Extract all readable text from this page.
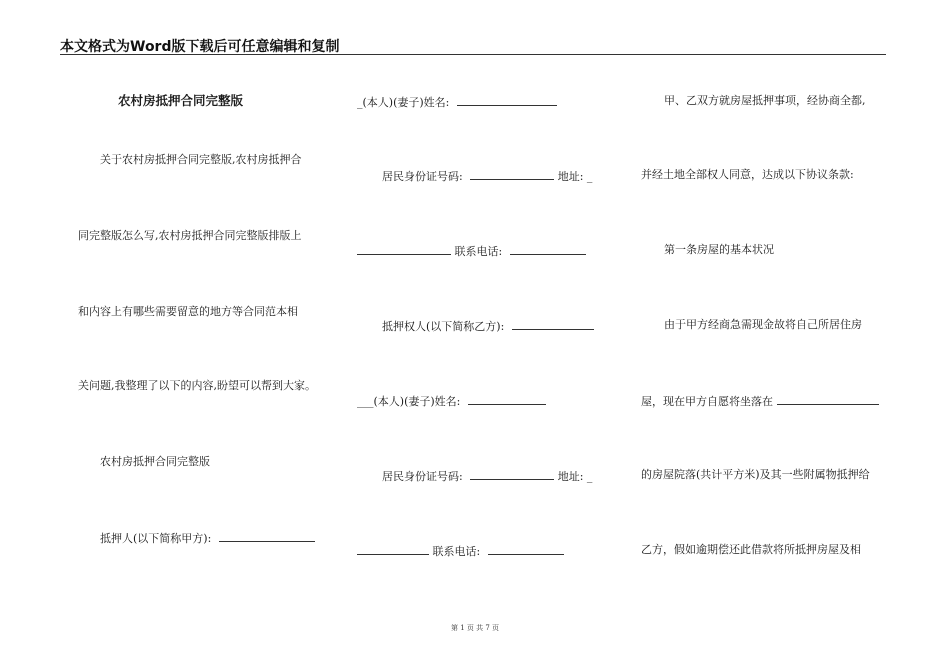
本文格式为Word版下载后可任意编辑和复制
农村房抵押合同完整版
关于农村房抵押合同完整版,农村房抵押合
同完整版怎么写,农村房抵押合同完整版排版上
和内容上有哪些需要留意的地方等合同范本相
关问题,我整理了以下的内容,盼望可以帮到大家。
农村房抵押合同完整版
抵押人(以下简称甲方):
_(本人)(妻子)姓名:
居民身份证号码:	地址: _
联系电话:
抵押权人(以下简称乙方):
___(本人)(妻子)姓名:
居民身份证号码:	地址: _
联系电话:
甲、乙双方就房屋抵押事项，经协商全都,
并经土地全部权人同意，达成以下协议条款:
第一条房屋的基本状况
由于甲方经商急需现金故将自己所居住房
屋，现在甲方自愿将坐落在
的房屋院落(共计平方米)及其一些附属物抵押给
乙方，假如逾期偿还此借款将所抵押房屋及相
第 1 页 共 7 页
